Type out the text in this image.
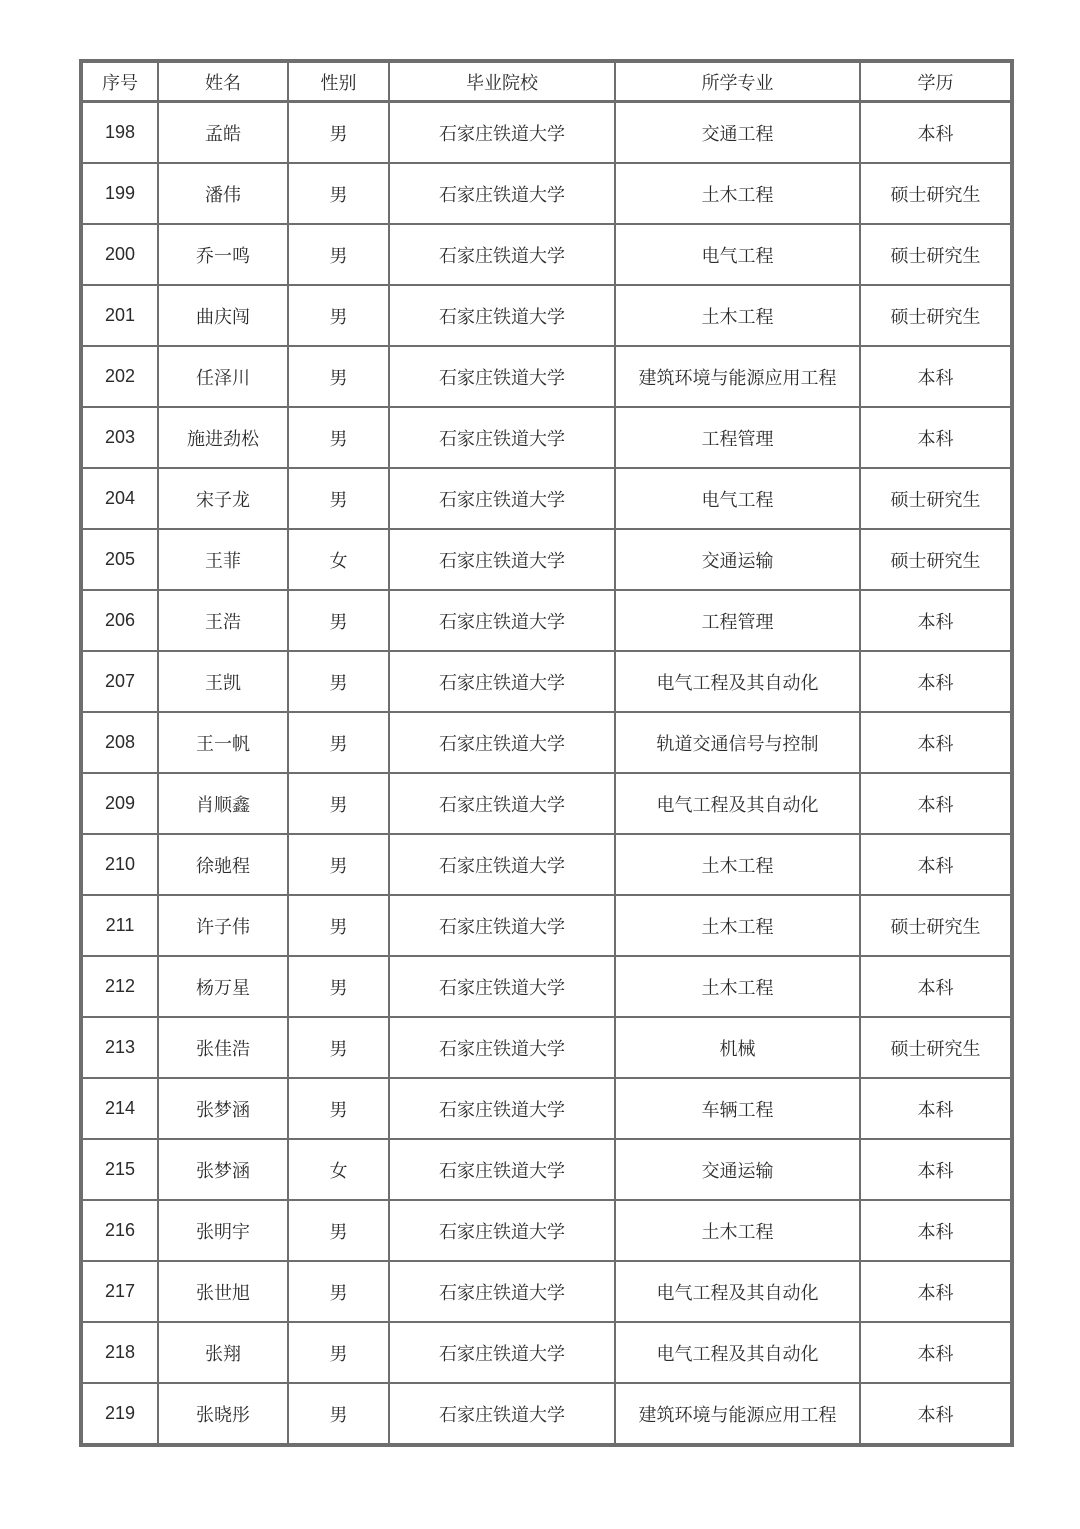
序号	姓名	性别	毕业院校	所学专业	学历
198	孟皓	男	石家庄铁道大学	交通工程	本科
199	潘伟	男	石家庄铁道大学	土木工程	硕士研究生
200	乔一鸣	男	石家庄铁道大学	电气工程	硕士研究生
201	曲庆闯	男	石家庄铁道大学	土木工程	硕士研究生
202	任泽川	男	石家庄铁道大学	建筑环境与能源应用工程	本科
203	施进劲松	男	石家庄铁道大学	工程管理	本科
204	宋子龙	男	石家庄铁道大学	电气工程	硕士研究生
205	王菲	女	石家庄铁道大学	交通运输	硕士研究生
206	王浩	男	石家庄铁道大学	工程管理	本科
207	王凯	男	石家庄铁道大学	电气工程及其自动化	本科
208	王一帆	男	石家庄铁道大学	轨道交通信号与控制	本科
209	肖顺鑫	男	石家庄铁道大学	电气工程及其自动化	本科
210	徐驰程	男	石家庄铁道大学	土木工程	本科
211	许子伟	男	石家庄铁道大学	土木工程	硕士研究生
212	杨万星	男	石家庄铁道大学	土木工程	本科
213	张佳浩	男	石家庄铁道大学	机械	硕士研究生
214	张梦涵	男	石家庄铁道大学	车辆工程	本科
215	张梦涵	女	石家庄铁道大学	交通运输	本科
216	张明宇	男	石家庄铁道大学	土木工程	本科
217	张世旭	男	石家庄铁道大学	电气工程及其自动化	本科
218	张翔	男	石家庄铁道大学	电气工程及其自动化	本科
219	张晓彤	男	石家庄铁道大学	建筑环境与能源应用工程	本科
